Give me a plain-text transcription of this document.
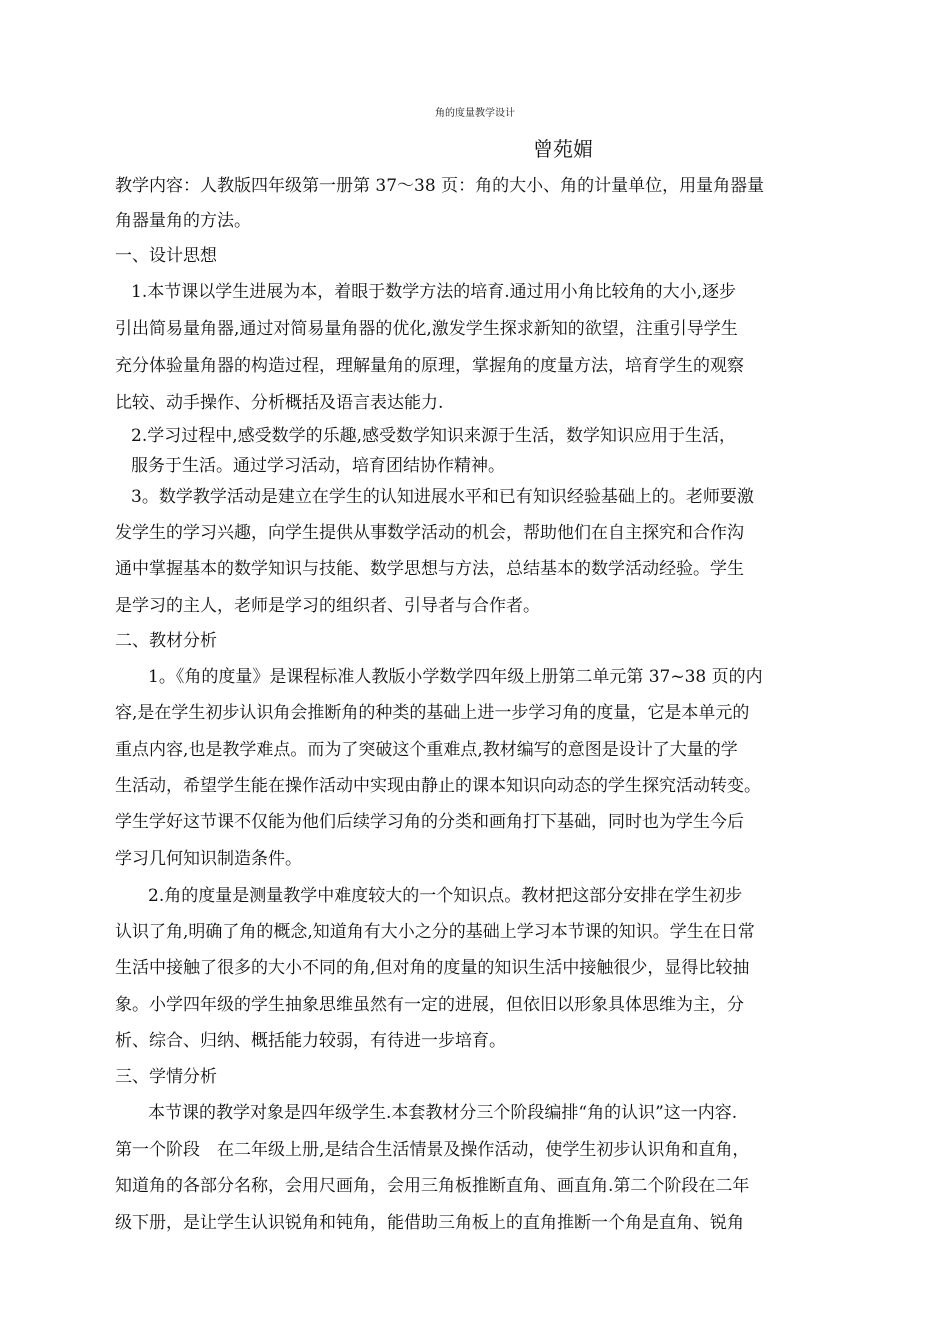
角的度量教学设计
曾苑媚
教学内容：人教版四年级第一册第 37～38 页：角的大小、角的计量单位，用量角器量
角器量角的方法。
一、设计思想
1.本节课以学生进展为本，着眼于数学方法的培育.通过用小角比较角的大小,逐步
引出简易量角器,通过对简易量角器的优化,激发学生探求新知的欲望，注重引导学生
充分体验量角器的构造过程，理解量角的原理，掌握角的度量方法，培育学生的观察
比较、动手操作、分析概括及语言表达能力.
2.学习过程中,感受数学的乐趣,感受数学知识来源于生活，数学知识应用于生活，
服务于生活。通过学习活动，培育团结协作精神。
3。数学教学活动是建立在学生的认知进展水平和已有知识经验基础上的。老师要激
发学生的学习兴趣，向学生提供从事数学活动的机会，帮助他们在自主探究和合作沟
通中掌握基本的数学知识与技能、数学思想与方法，总结基本的数学活动经验。学生
是学习的主人，老师是学习的组织者、引导者与合作者。
二、教材分析
1。《角的度量》是课程标准人教版小学数学四年级上册第二单元第 37~38 页的内
容,是在学生初步认识角会推断角的种类的基础上进一步学习角的度量，它是本单元的
重点内容,也是教学难点。而为了突破这个重难点,教材编写的意图是设计了大量的学
生活动，希望学生能在操作活动中实现由静止的课本知识向动态的学生探究活动转变。
学生学好这节课不仅能为他们后续学习角的分类和画角打下基础，同时也为学生今后
学习几何知识制造条件。
2.角的度量是测量教学中难度较大的一个知识点。教材把这部分安排在学生初步
认识了角,明确了角的概念,知道角有大小之分的基础上学习本节课的知识。学生在日常
生活中接触了很多的大小不同的角,但对角的度量的知识生活中接触很少，显得比较抽
象。小学四年级的学生抽象思维虽然有一定的进展，但依旧以形象具体思维为主，分
析、综合、归纳、概括能力较弱，有待进一步培育。
三、学情分析
本节课的教学对象是四年级学生.本套教材分三个阶段编排“角的认识”这一内容.
第一个阶段　在二年级上册,是结合生活情景及操作活动，使学生初步认识角和直角，
知道角的各部分名称，会用尺画角，会用三角板推断直角、画直角.第二个阶段在二年
级下册，是让学生认识锐角和钝角，能借助三角板上的直角推断一个角是直角、锐角
